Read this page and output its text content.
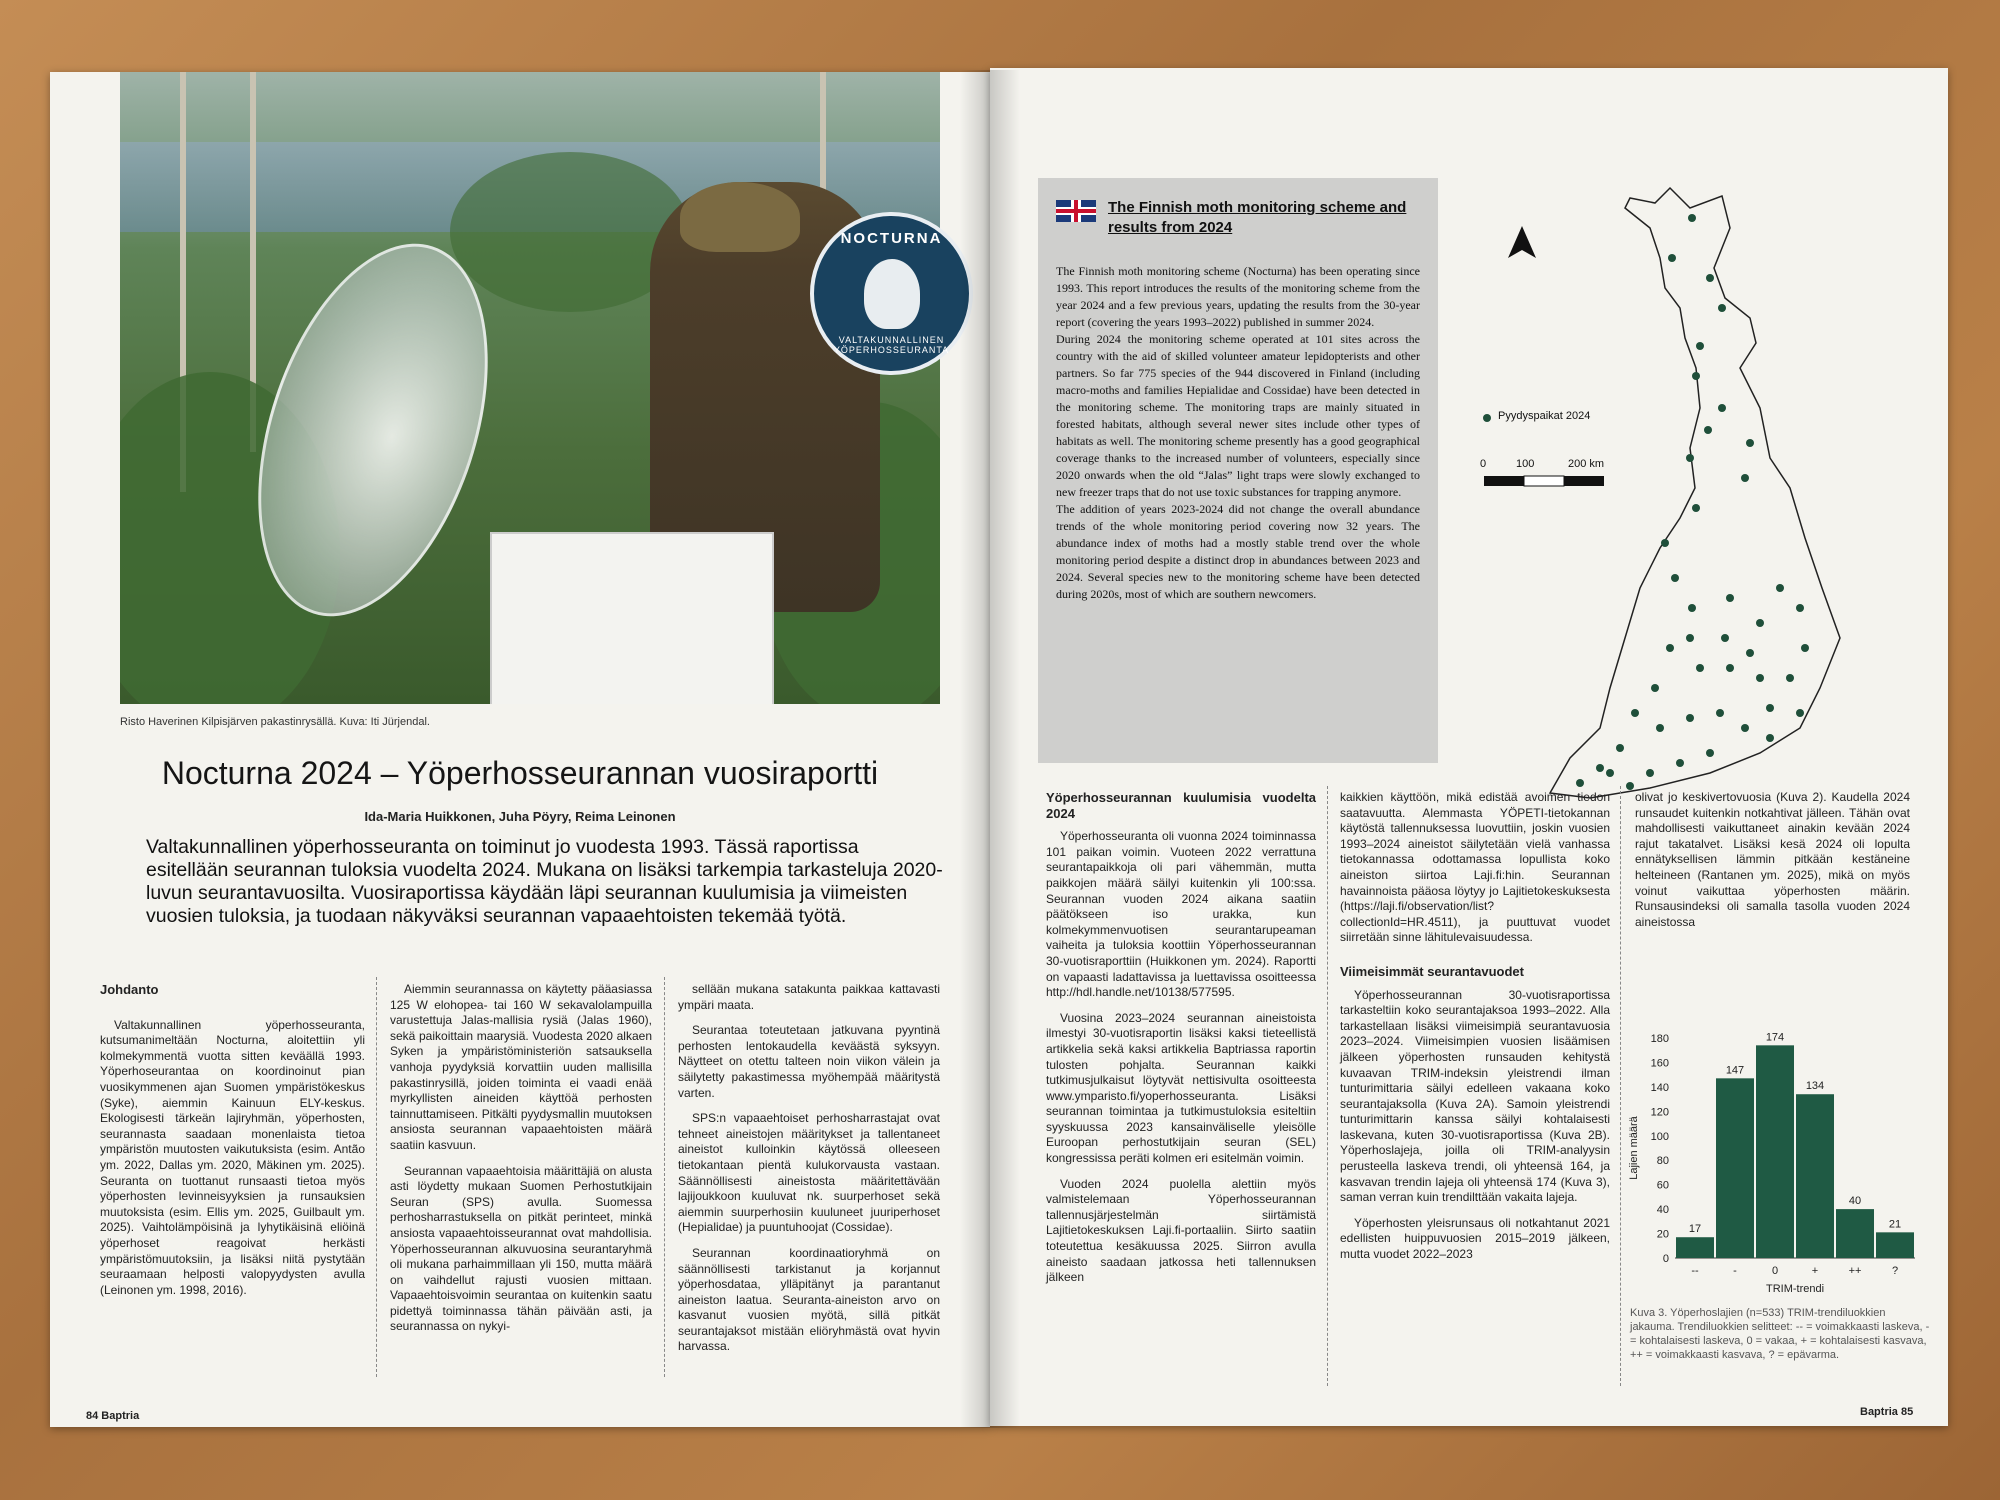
NOCTURNA
VALTAKUNNALLINEN YÖPERHOSSEURANTA
Risto Haverinen Kilpisjärven pakastinrysällä. Kuva: Iti Jürjendal.
Nocturna 2024 – Yöperhosseurannan vuosiraportti
Ida-Maria Huikkonen, Juha Pöyry, Reima Leinonen
Valtakunnallinen yöperhosseuranta on toiminut jo vuodesta 1993. Tässä raportissa esitellään seurannan tuloksia vuodelta 2024. Mukana on lisäksi tarkempia tarkasteluja 2020-luvun seurantavuosilta. Vuosiraportissa käydään läpi seurannan kuulumisia ja viimeisten vuosien tuloksia, ja tuodaan näkyväksi seurannan vapaaehtoisten tekemää työtä.
Johdanto

Valtakunnallinen yöperhosseuranta, kutsumanimeltään Nocturna, aloitettiin yli kolmekymmentä vuotta sitten keväällä 1993. Yöperhoseurantaa on koordinoinut pian vuosikymmenen ajan Suomen ympäristökeskus (Syke), aiemmin Kainuun ELY-keskus. Ekologisesti tärkeän lajiryhmän, yöperhosten, seurannasta saadaan monenlaista tietoa ympäristön muutosten vaikutuksista (esim. Antão ym. 2022, Dallas ym. 2020, Mäkinen ym. 2025). Seuranta on tuottanut runsaasti tietoa myös yöperhosten levinneisyyksien ja runsauksien muutoksista (esim. Ellis ym. 2025, Guilbault ym. 2025). Vaihtolämpöisinä ja lyhytikäisinä eliöinä yöperhoset reagoivat herkästi ympäristömuutoksiin, ja lisäksi niitä pystytään seuraamaan helposti valopyydysten avulla (Leinonen ym. 1998, 2016).

Aiemmin seurannassa on käytetty pääasiassa 125 W elohopea- tai 160 W sekavalolampuilla varustettuja Jalas-mallisia rysiä (Jalas 1960), sekä paikoittain maarysiä. Vuodesta 2020 alkaen Syken ja ympäristöministeriön satsauksella vanhoja pyydyksiä korvattiin uuden mallisilla pakastinrysillä, joiden toiminta ei vaadi enää myrkyllisten aineiden käyttöä perhosten tainnuttamiseen. Pitkälti pyydysmallin muutoksen ansiosta seurannan vapaaehtoisten määrä saatiin kasvuun.

Seurannan vapaaehtoisia määrittäjiä on alusta asti löydetty mukaan Suomen Perhostutkijain Seuran (SPS) avulla. Suomessa perhosharrastuksella on pitkät perinteet, minkä ansiosta vapaaehtoisseurannat ovat mahdollisia. Yöperhosseurannan alkuvuosina seurantaryhmä oli mukana parhaimmillaan yli 150, mutta määrä on vaihdellut rajusti vuosien mittaan. Vapaaehtoisvoimin seurantaa on kuitenkin saatu pidettyä toiminnassa tähän päivään asti, ja seurannassa on nykyi-

sellään mukana satakunta paikkaa kattavasti ympäri maata.

Seurantaa toteutetaan jatkuvana pyyntinä perhosten lentokaudella keväästä syksyyn. Näytteet on otettu talteen noin viikon välein ja säilytetty pakastimessa myöhempää määritystä varten.

SPS:n vapaaehtoiset perhosharrastajat ovat tehneet aineistojen määritykset ja tallentaneet aineistot kulloinkin käytössä olleeseen tietokantaan pientä kulukorvausta vastaan. Säännöllisesti aineistosta määritettävään lajijoukkoon kuuluvat nk. suurperhoset sekä aiemmin suurperhosiin kuuluneet juuriperhoset (Hepialidae) ja puuntuhoojat (Cossidae).

Seurannan koordinaatioryhmä on säännöllisesti tarkistanut ja korjannut yöperhosdataa, ylläpitänyt ja parantanut aineiston laatua. Seuranta-aineiston arvo on kasvanut vuosien myötä, sillä pitkät seurantajaksot mistään eliöryhmästä ovat hyvin harvassa.

84 Baptria
The Finnish moth monitoring scheme and results from 2024

The Finnish moth monitoring scheme (Nocturna) has been operating since 1993. This report introduces the results of the monitoring scheme from the year 2024 and a few previous years, updating the results from the 30-year report (covering the years 1993–2022) published in summer 2024.

During 2024 the monitoring scheme operated at 101 sites across the country with the aid of skilled volunteer amateur lepidopterists and other partners. So far 775 species of the 944 discovered in Finland (including macro-moths and families Hepialidae and Cossidae) have been detected in the monitoring scheme. The monitoring traps are mainly situated in forested habitats, although several newer sites include other types of habitats as well. The monitoring scheme presently has a good geographical coverage thanks to the increased number of volunteers, especially since 2020 onwards when the old “Jalas” light traps were slowly exchanged to new freezer traps that do not use toxic substances for trapping anymore.

The addition of years 2023-2024 did not change the overall abundance trends of the whole monitoring period covering now 32 years. The abundance index of moths had a mostly stable trend over the whole monitoring period despite a distinct drop in abundances between 2023 and 2024. Several species new to the monitoring scheme have been detected during 2020s, most of which are southern newcomers.

Pyydyspaikat 2024
0	100	200 km
Yöperhosseurannan kuulumisia vuodelta 2024

Yöperhosseuranta oli vuonna 2024 toiminnassa 101 paikan voimin. Vuoteen 2022 verrattuna seurantapaikkoja oli pari vähemmän, mutta paikkojen määrä säilyi kuitenkin yli 100:ssa. Seurannan vuoden 2024 aikana saatiin päätökseen iso urakka, kun kolmekymmenvuotisen seurantarupeaman vaiheita ja tuloksia koottiin Yöperhosseurannan 30-vuotisraporttiin (Huikkonen ym. 2024). Raportti on vapaasti ladattavissa ja luettavissa osoitteessa http://hdl.handle.net/10138/577595.

Vuosina 2023–2024 seurannan aineistoista ilmestyi 30-vuotisraportin lisäksi kaksi tieteellistä artikkelia sekä kaksi artikkelia Baptriassa raportin tulosten pohjalta. Seurannan kaikki tutkimusjulkaisut löytyvät nettisivulta osoitteesta www.ymparisto.fi/yoperhosseuranta. Lisäksi seurannan toimintaa ja tutkimustuloksia esiteltiin syyskuussa 2023 kansainväliselle yleisölle Euroopan perhostutkijain seuran (SEL) kongressissa peräti kolmen eri esitelmän voimin.

Vuoden 2024 puolella alettiin myös valmistelemaan Yöperhosseurannan tallennusjärjestelmän siirtämistä Lajitietokeskuksen Laji.fi-portaaliin. Siirto saatiin toteutettua kesäkuussa 2025. Siirron avulla aineisto saadaan jatkossa heti tallennuksen jälkeen

kaikkien käyttöön, mikä edistää avoimen tiedon saatavuutta. Alemmasta YÖPETI-tietokannan käytöstä tallennuksessa luovuttiin, joskin vuosien 1993–2024 aineistot säilytetään vielä vanhassa tietokannassa odottamassa lopullista koko aineiston siirtoa Laji.fi:hin. Seurannan havainnoista pääosa löytyy jo Lajitietokeskuksesta (https://laji.fi/observation/list?collectionId=HR.4511), ja puuttuvat vuodet siirretään sinne lähitulevaisuudessa.

Viimeisimmät seurantavuodet

Yöperhosseurannan 30-vuotisraportissa tarkasteltiin koko seurantajaksoa 1993–2022. Alla tarkastellaan lisäksi viimeisimpiä seurantavuosia 2023–2024. Viimeisimpien vuosien lisäämisen jälkeen yöperhosten runsauden kehitystä kuvaavan TRIM-indeksin yleistrendi ilman tunturimittaria säilyi edelleen vakaana koko seurantajaksolla (Kuva 2A). Samoin yleistrendi tunturimittarin kanssa säilyi kohtalaisesti laskevana, kuten 30-vuotisraportissa (Kuva 2B). Yöperhoslajeja, joilla oli TRIM-analyysin perusteella laskeva trendi, oli yhteensä 164, ja kasvavan trendin lajeja oli yhteensä 174 (Kuva 3), saman verran kuin trendilttään vakaita lajeja.

Yöperhosten yleisrunsaus oli notkahtanut 2021 edellisten huippuvuosien 2015–2019 jälkeen, mutta vuodet 2022–2023

olivat jo keskivertovuosia (Kuva 2). Kaudella 2024 runsaudet kuitenkin notkahtivat jälleen. Tähän ovat mahdollisesti vaikuttaneet ainakin kevään 2024 rajut takatalvet. Lisäksi kesä 2024 oli lopulta ennätyksellisen lämmin pitkään kestäneine helteineen (Rantanen ym. 2025), mikä on myös voinut vaikuttaa yöperhosten määrin. Runsausindeksi oli samalla tasolla vuoden 2024 aineistossa

0
20
40
60
80
100
120
140
160
180
17
--
147
-
174
0
134
+
40
++
21
?
TRIM-trendi
Lajien määrä
Kuva 3. Yöperhoslajien (n=533) TRIM-trendiluokkien jakauma. Trendiluokkien selitteet: -- = voimakkaasti laskeva, - = kohtalaisesti laskeva, 0 = vakaa, + = kohtalaisesti kasvava, ++ = voimakkaasti kasvava, ? = epävarma.
Baptria 85
